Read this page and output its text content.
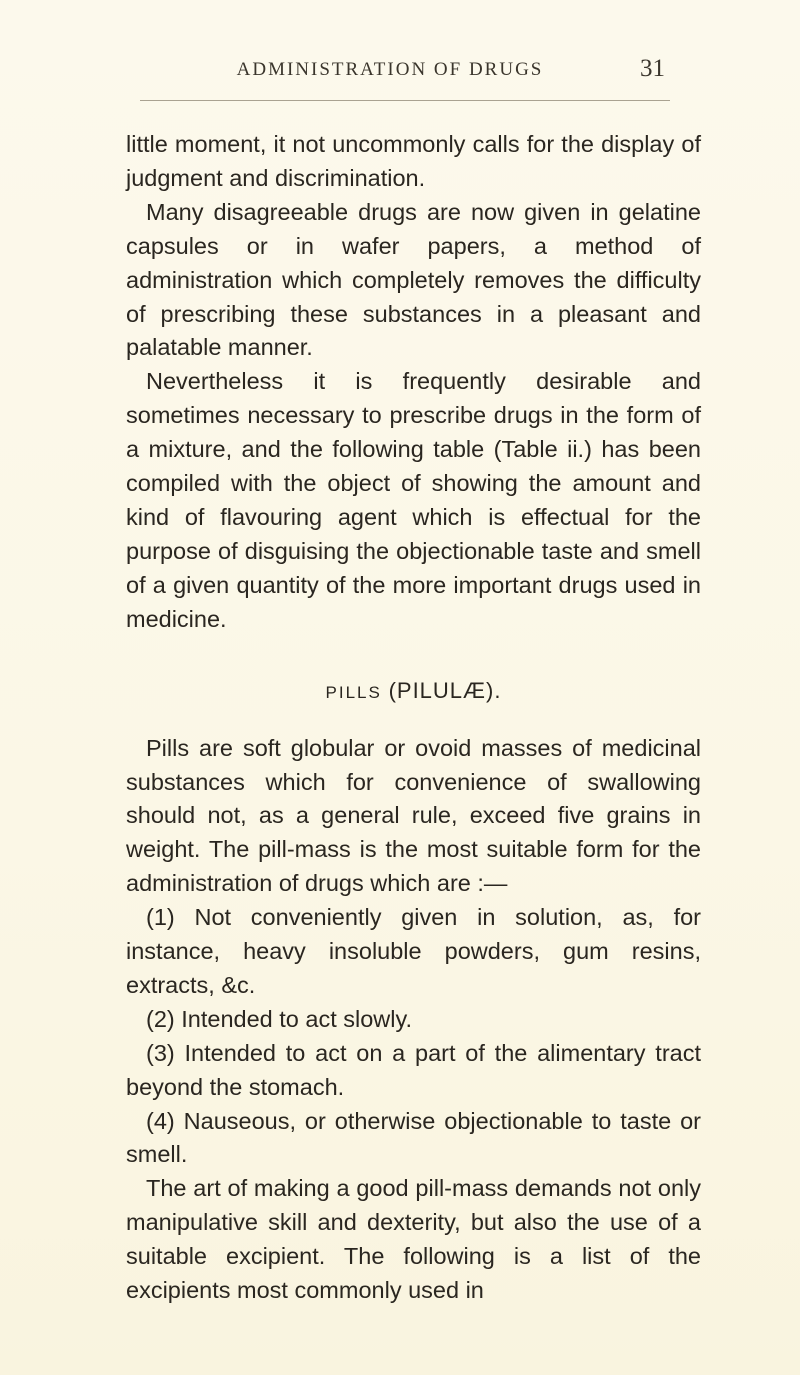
ADMINISTRATION OF DRUGS	31

little moment, it not uncommonly calls for the display of judgment and discrimination.

Many disagreeable drugs are now given in gelatine capsules or in wafer papers, a method of administration which completely removes the difficulty of prescribing these substances in a pleasant and palatable manner.

Nevertheless it is frequently desirable and sometimes necessary to prescribe drugs in the form of a mixture, and the following table (Table ii.) has been compiled with the object of showing the amount and kind of flavouring agent which is effectual for the purpose of disguising the objectionable taste and smell of a given quantity of the more important drugs used in medicine.

PILLS (PILULÆ).

Pills are soft globular or ovoid masses of medicinal substances which for convenience of swallowing should not, as a general rule, exceed five grains in weight. The pill-mass is the most suitable form for the administration of drugs which are :—

(1) Not conveniently given in solution, as, for instance, heavy insoluble powders, gum resins, extracts, &c.

(2) Intended to act slowly.

(3) Intended to act on a part of the alimentary tract beyond the stomach.

(4) Nauseous, or otherwise objectionable to taste or smell.

The art of making a good pill-mass demands not only manipulative skill and dexterity, but also the use of a suitable excipient. The following is a list of the excipients most commonly used in
